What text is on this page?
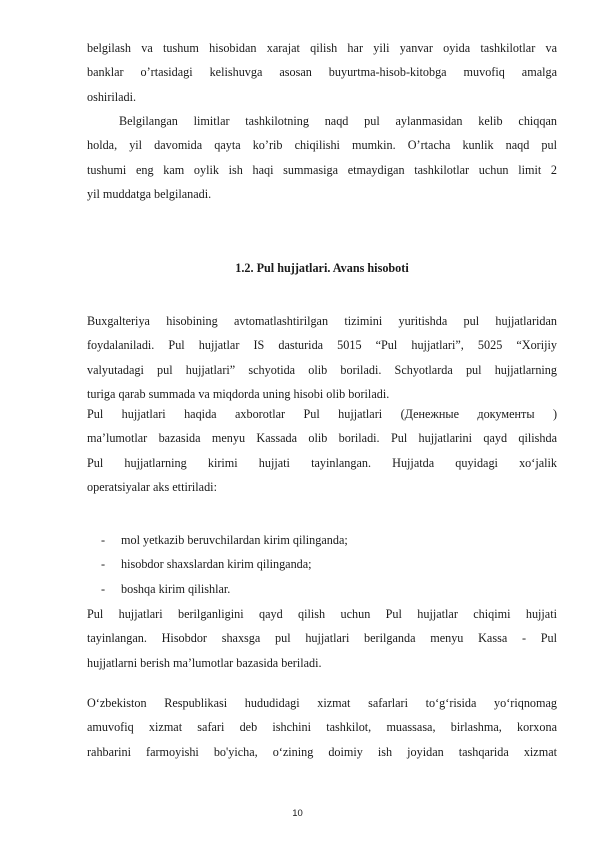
belgilash va tushum hisobidan xarajat qilish har yili yanvar oyida tashkilotlar va
banklar o’rtasidagi kelishuvga asosan buyurtma-hisob-kitobga muvofiq amalga
oshiriladi.

Belgilangan limitlar tashkilotning naqd pul aylanmasidan kelib chiqqan
holda, yil davomida qayta ko’rib chiqilishi mumkin. O’rtacha kunlik naqd pul
tushumi eng kam oylik ish haqi summasiga etmaydigan tashkilotlar uchun limit 2
yil muddatga belgilanadi.

1.2. Pul hujjatlari. Avans hisoboti

Buxgalteriya hisobining avtomatlashtirilgan tizimini yuritishda pul hujjatlaridan
foydalaniladi. Pul hujjatlar IS dasturida 5015 “Pul hujjatlari”, 5025 “Xorijiy
valyutadagi pul hujjatlari” schyotida olib boriladi. Schyotlarda pul hujjatlarning
turiga qarab summada va miqdorda uning hisobi olib boriladi.

Pul hujjatlari haqida axborotlar Pul hujjatlari (Денежные документы )
ma’lumotlar bazasida menyu Kassada olib boriladi. Pul hujjatlarini qayd qilishda
Pul hujjatlarning kirimi hujjati tayinlangan. Hujjatda quyidagi xo‘jalik
operatsiyalar aks ettiriladi:

- mol yetkazib beruvchilardan kirim qilinganda;
- hisobdor shaxslardan kirim qilinganda;
- boshqa kirim qilishlar.

Pul hujjatlari berilganligini qayd qilish uchun Pul hujjatlar chiqimi hujjati
tayinlangan. Hisobdor shaxsga pul hujjatlari berilganda menyu Kassa - Pul
hujjatlarni berish ma’lumotlar bazasida beriladi.

O‘zbekiston Respublikasi hududidagi xizmat safarlari to‘g‘risida yo‘riqnomag
amuvofiq xizmat safari deb ishchini tashkilot, muassasa, birlashma, korxona
rahbarini farmoyishi bo'yicha, o‘zining doimiy ish joyidan tashqarida xizmat

10
